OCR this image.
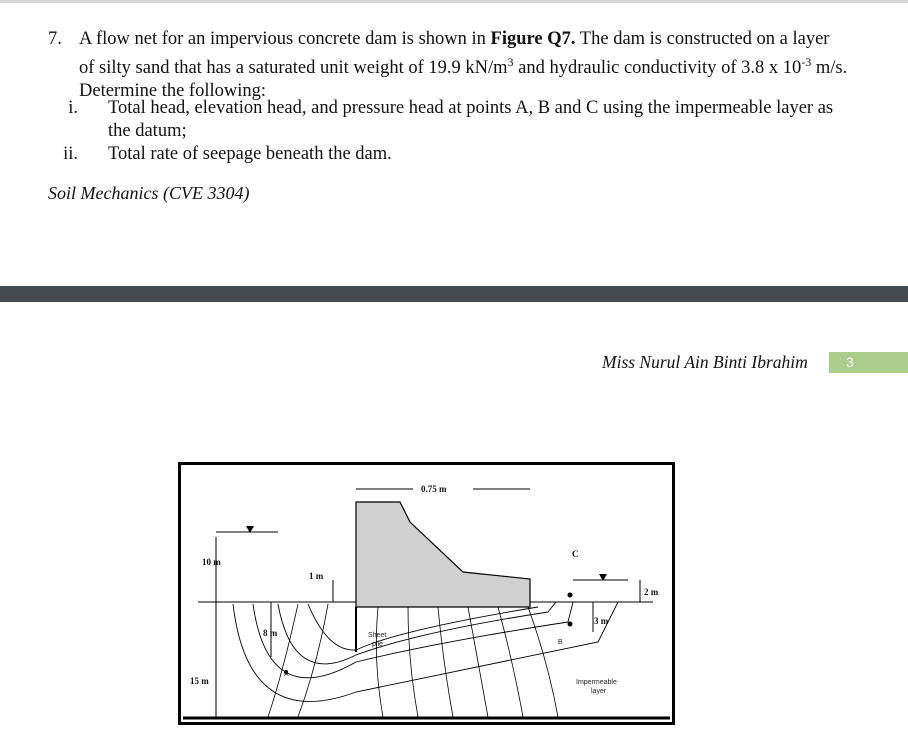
7. A flow net for an impervious concrete dam is shown in Figure Q7. The dam is constructed on a layer of silty sand that has a saturated unit weight of 19.9 $kN/m^3$ and hydraulic conductivity of 3.8 x $10^{-3}$ m/s. Determine the following:
i. Total head, elevation head, and pressure head at points A, B and C using the impermeable layer as the datum;
ii. Total rate of seepage beneath the dam.
Soil Mechanics (CVE 3304)
Miss Nurul Ain Binti Ibrahim	3
0.75 m
10 m
1 m
8 m
15 m
2 m
3 m
Sheet
pile
A
B
C
Impermeable
layer
